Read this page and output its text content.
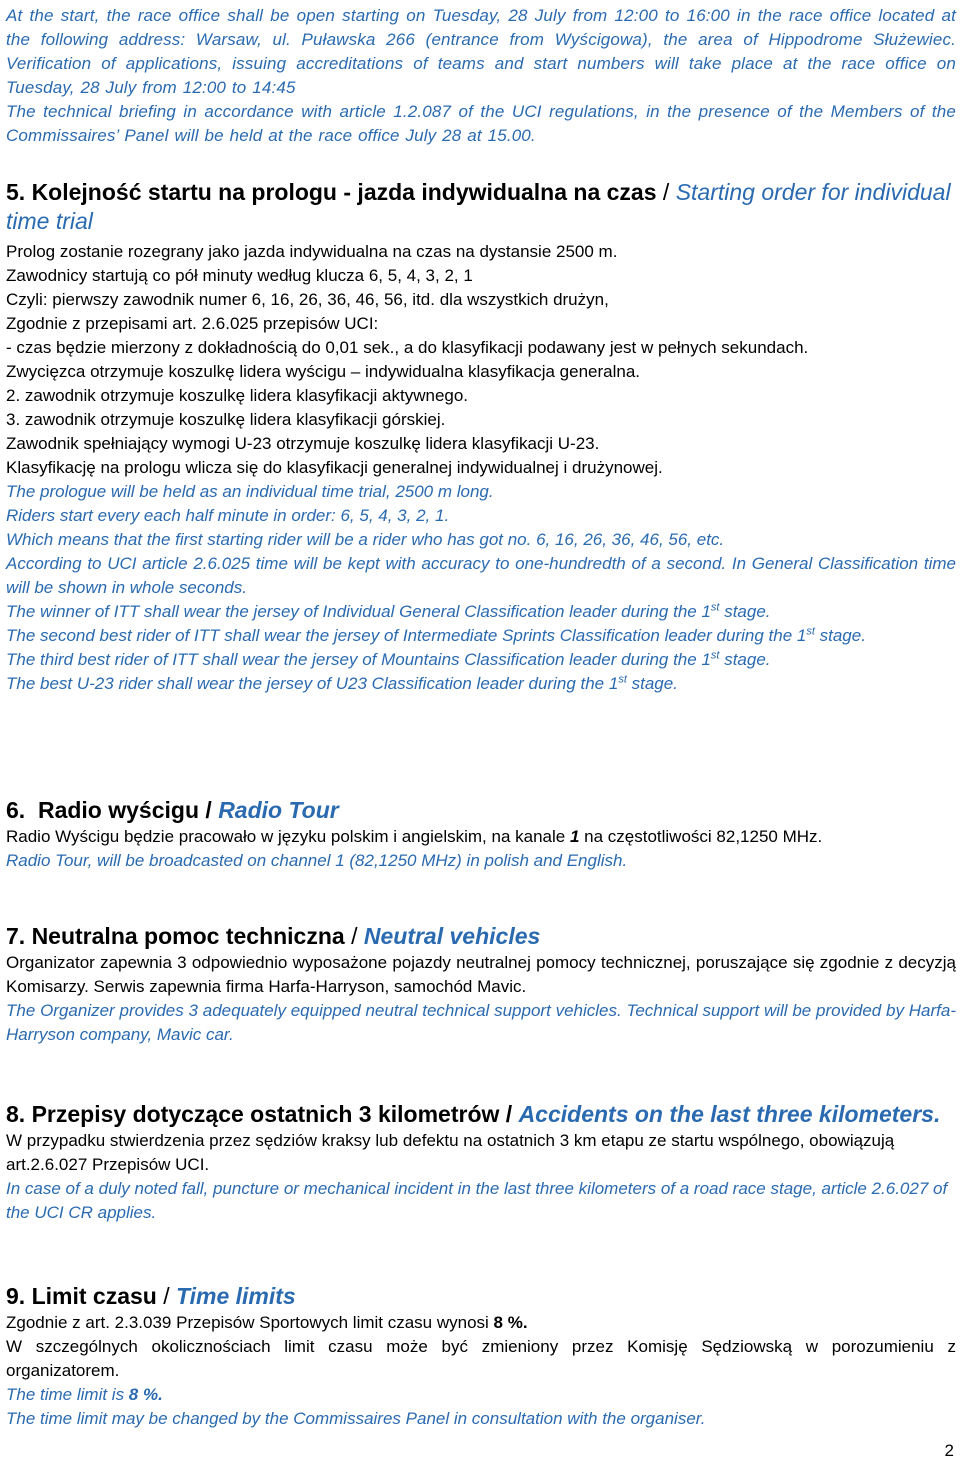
At the start, the race office shall be open starting on Tuesday, 28 July from 12:00 to 16:00 in the race office located at the following address: Warsaw, ul. Puławska 266 (entrance from Wyścigowa), the area of Hippodrome Służewiec. Verification of applications, issuing accreditations of teams and start numbers will take place at the race office on Tuesday, 28 July from 12:00 to 14:45

The technical briefing in accordance with article 1.2.087 of the UCI regulations, in the presence of the Members of the Commissaires’ Panel will be held at the race office July 28 at 15.00.

5. Kolejność startu na prologu - jazda indywidualna na czas / Starting order for individual time trial

Prolog zostanie rozegrany jako jazda indywidualna na czas na dystansie 2500 m.

Zawodnicy startują co pół minuty według klucza 6, 5, 4, 3, 2, 1

Czyli: pierwszy zawodnik numer 6, 16, 26, 36, 46, 56, itd. dla wszystkich drużyn,

Zgodnie z przepisami art. 2.6.025 przepisów UCI:

- czas będzie mierzony z dokładnością do 0,01 sek., a do klasyfikacji podawany jest w pełnych sekundach.

Zwycięzca otrzymuje koszulkę lidera wyścigu – indywidualna klasyfikacja generalna.

2. zawodnik otrzymuje koszulkę lidera klasyfikacji aktywnego.

3. zawodnik otrzymuje koszulkę lidera klasyfikacji górskiej.

Zawodnik spełniający wymogi U-23 otrzymuje koszulkę lidera klasyfikacji U-23.

Klasyfikację na prologu wlicza się do klasyfikacji generalnej indywidualnej i drużynowej.

The prologue will be held as an individual time trial, 2500 m long.

Riders start every each half minute in order: 6, 5, 4, 3, 2, 1.

Which means that the first starting rider will be a rider who has got no. 6, 16, 26, 36, 46, 56, etc.

According to UCI article 2.6.025 time will be kept with accuracy to one-hundredth of a second. In General Classification time will be shown in whole seconds.

The winner of ITT shall wear the jersey of Individual General Classification leader during the 1st stage.

The second best rider of ITT shall wear the jersey of Intermediate Sprints Classification leader during the 1st stage.

The third best rider of ITT shall wear the jersey of Mountains Classification leader during the 1st stage.

The best U-23 rider shall wear the jersey of U23 Classification leader during the 1st stage.

6. Radio wyścigu / Radio Tour

Radio Wyścigu będzie pracowało w języku polskim i angielskim, na kanale 1 na częstotliwości 82,1250 MHz.

Radio Tour, will be broadcasted on channel 1 (82,1250 MHz) in polish and English.

7. Neutralna pomoc techniczna / Neutral vehicles

Organizator zapewnia 3 odpowiednio wyposażone pojazdy neutralnej pomocy technicznej, poruszające się zgodnie z decyzją Komisarzy. Serwis zapewnia firma Harfa-Harryson, samochód Mavic.

The Organizer provides 3 adequately equipped neutral technical support vehicles. Technical support will be provided by Harfa-Harryson company, Mavic car.

8. Przepisy dotyczące ostatnich 3 kilometrów / Accidents on the last three kilometers.

W przypadku stwierdzenia przez sędziów kraksy lub defektu na ostatnich 3 km etapu ze startu wspólnego, obowiązują art.2.6.027 Przepisów UCI.

In case of a duly noted fall, puncture or mechanical incident in the last three kilometers of a road race stage, article 2.6.027 of the UCI CR applies.

9. Limit czasu / Time limits

Zgodnie z art. 2.3.039 Przepisów Sportowych limit czasu wynosi 8 %.

W szczególnych okolicznościach limit czasu może być zmieniony przez Komisję Sędziowską w porozumieniu z organizatorem.

The time limit is 8 %.

The time limit may be changed by the Commissaires Panel in consultation with the organiser.

2
